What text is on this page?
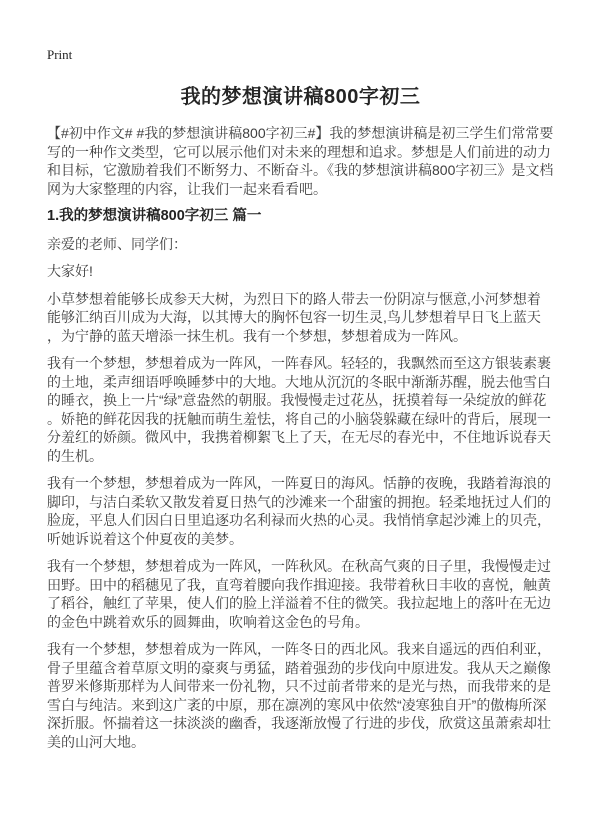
Print
我的梦想演讲稿800字初三

【#初中作文# #我的梦想演讲稿800字初三#】我的梦想演讲稿是初三学生们常常要写的一种作文类型，它可以展示他们对未来的理想和追求。梦想是人们前进的动力和目标，它激励着我们不断努力、不断奋斗。《我的梦想演讲稿800字初三》是文档网为大家整理的内容，让我们一起来看看吧。

1.我的梦想演讲稿800字初三 篇一

亲爱的老师、同学们：

大家好!

小草梦想着能够长成参天大树，为烈日下的路人带去一份阴凉与惬意,小河梦想着能够汇纳百川成为大海，以其博大的胸怀包容一切生灵,鸟儿梦想着早日飞上蓝天，为宁静的蓝天增添一抹生机。我有一个梦想，梦想着成为一阵风。

我有一个梦想，梦想着成为一阵风，一阵春风。轻轻的，我飘然而至这方银装素裹的土地，柔声细语呼唤睡梦中的大地。大地从沉沉的冬眠中渐渐苏醒，脱去他雪白的睡衣，换上一片“绿”意盎然的朝服。我慢慢走过花丛，抚摸着每一朵绽放的鲜花。娇艳的鲜花因我的抚触而萌生羞怯，将自己的小脑袋躲藏在绿叶的背后，展现一分羞红的娇颜。微风中，我携着柳絮飞上了天，在无尽的春光中，不住地诉说春天的生机。

我有一个梦想，梦想着成为一阵风，一阵夏日的海风。恬静的夜晚，我踏着海浪的脚印，与洁白柔软又散发着夏日热气的沙滩来一个甜蜜的拥抱。轻柔地抚过人们的脸庞，平息人们因白日里追逐功名利禄而火热的心灵。我悄悄拿起沙滩上的贝壳，听她诉说着这个仲夏夜的美梦。

我有一个梦想，梦想着成为一阵风，一阵秋风。在秋高气爽的日子里，我慢慢走过田野。田中的稻穗见了我，直弯着腰向我作揖迎接。我带着秋日丰收的喜悦，触黄了稻谷，触红了苹果，使人们的脸上洋溢着不住的微笑。我拉起地上的落叶在无边的金色中跳着欢乐的圆舞曲，吹响着这金色的号角。

我有一个梦想，梦想着成为一阵风，一阵冬日的西北风。我来自遥远的西伯利亚，骨子里蕴含着草原文明的豪爽与勇猛，踏着强劲的步伐向中原进发。我从天之巅像普罗米修斯那样为人间带来一份礼物，只不过前者带来的是光与热，而我带来的是雪白与纯洁。来到这广袤的中原，那在凛冽的寒风中依然“凌寒独自开”的傲梅所深深折服。怀揣着这一抹淡淡的幽香，我逐渐放慢了行进的步伐，欣赏这虽萧索却壮美的山河大地。
